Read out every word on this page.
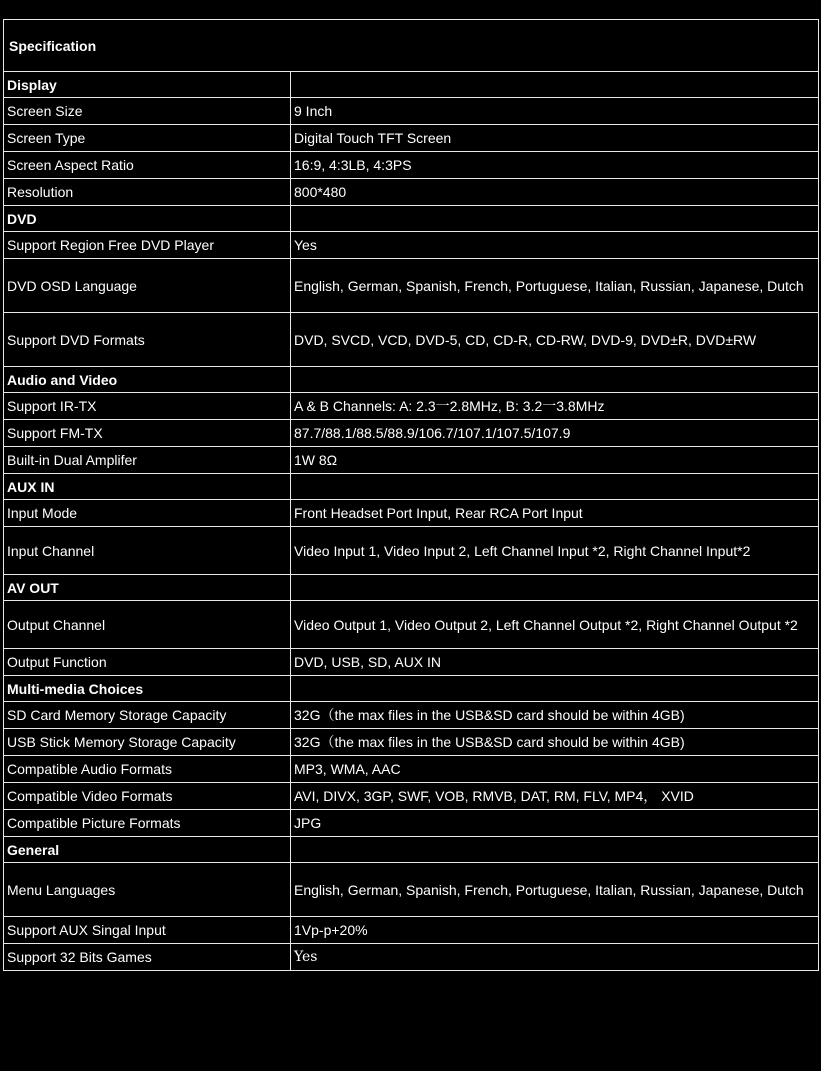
Specification	
Display	
Screen Size	9 Inch
Screen Type	Digital Touch TFT Screen
Screen Aspect Ratio	16:9, 4:3LB, 4:3PS
Resolution	800*480
DVD	
Support Region Free DVD Player	Yes
DVD OSD Language	English, German, Spanish, French, Portuguese, Italian, Russian, Japanese, Dutch
Support DVD Formats	DVD, SVCD, VCD, DVD-5, CD, CD-R, CD-RW, DVD-9, DVD±R, DVD±RW
Audio and Video	
Support IR-TX	A & B Channels: A: 2.3一2.8MHz, B: 3.2一3.8MHz
Support FM-TX	87.7/88.1/88.5/88.9/106.7/107.1/107.5/107.9
Built-in Dual Amplifer	1W 8Ω
AUX IN	
Input Mode	Front Headset Port Input, Rear RCA Port Input
Input Channel	Video Input 1, Video Input 2, Left Channel Input *2, Right Channel Input*2
AV OUT	
Output Channel	Video Output 1, Video Output 2, Left Channel Output *2, Right Channel Output *2
Output Function	DVD, USB, SD, AUX IN
Multi-media Choices	
SD Card Memory Storage Capacity	32G（the max files in the USB&SD card should be within 4GB)
USB Stick Memory Storage Capacity	32G（the max files in the USB&SD card should be within 4GB)
Compatible Audio Formats	MP3, WMA, AAC
Compatible Video Formats	AVI, DIVX, 3GP, SWF, VOB, RMVB, DAT, RM, FLV, MP4， XVID
Compatible Picture Formats	JPG
General	
Menu Languages	English, German, Spanish, French, Portuguese, Italian, Russian, Japanese, Dutch
Support AUX Singal Input	1Vp-p+20%
Support 32 Bits Games	Yes
